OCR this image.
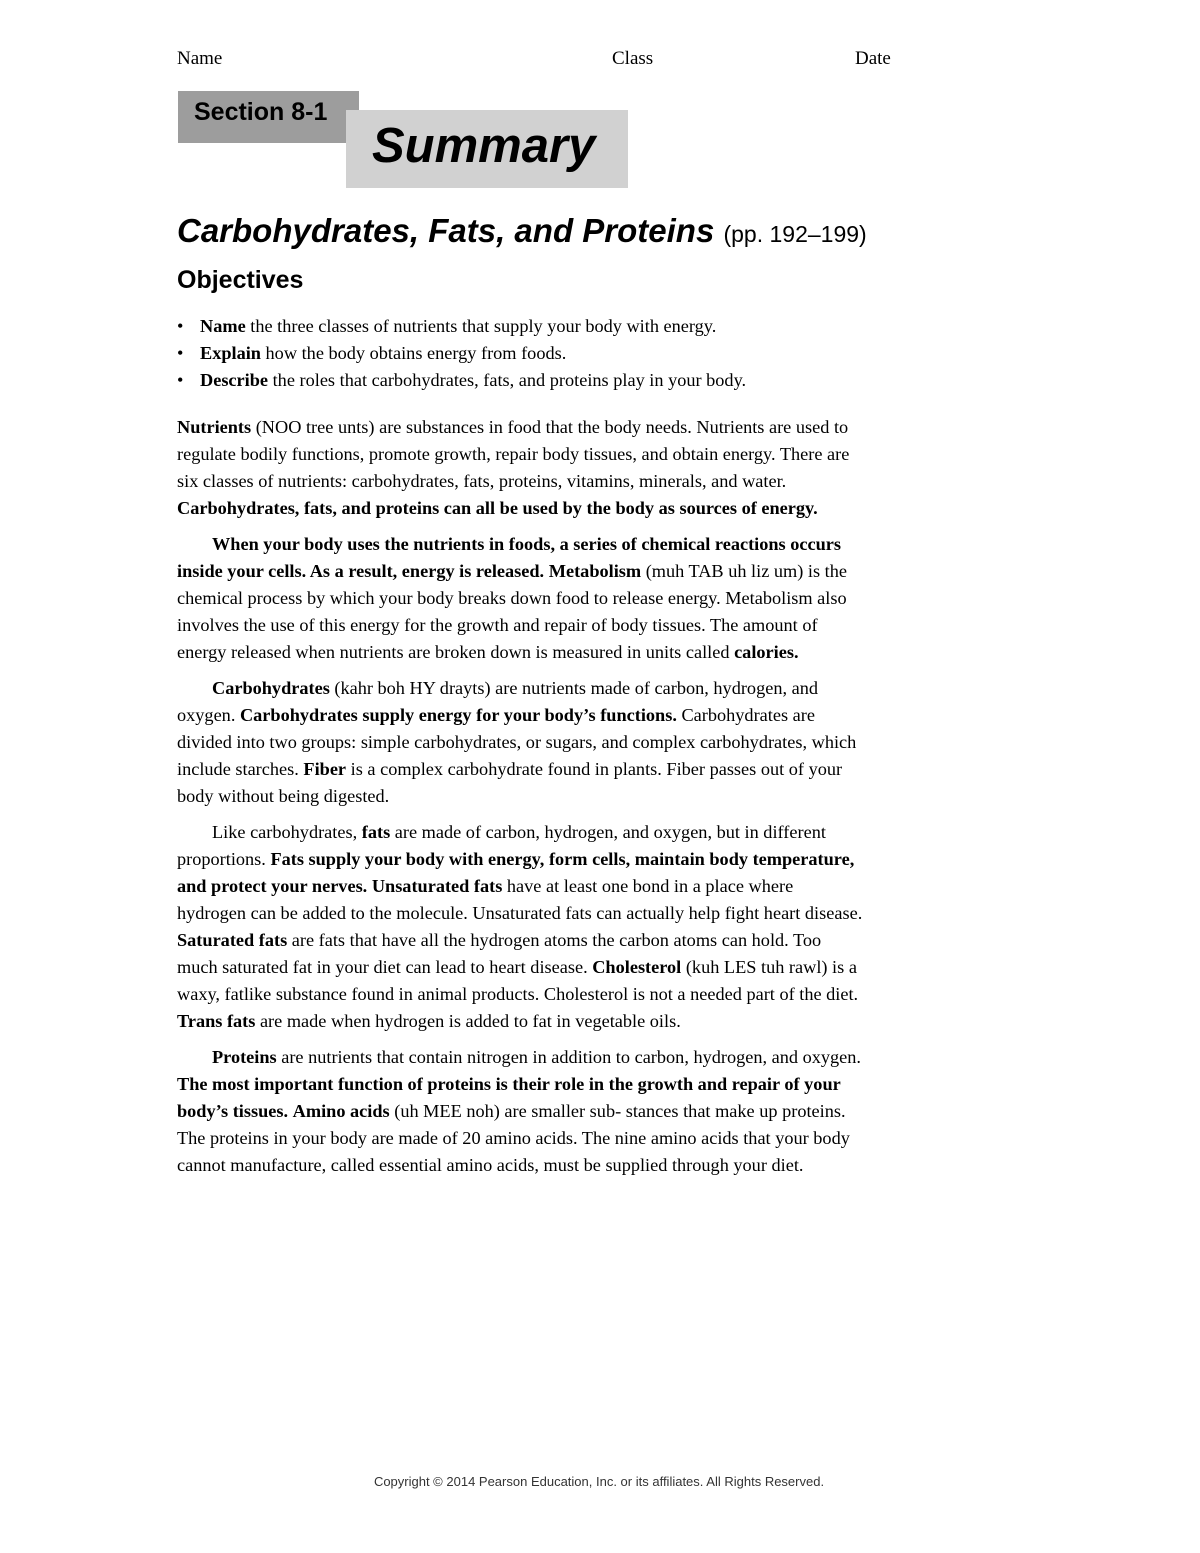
Name	Class	Date
Section 8-1
Summary
Carbohydrates, Fats, and Proteins (pp. 192–199)
Objectives
• Name the three classes of nutrients that supply your body with energy.
• Explain how the body obtains energy from foods.
• Describe the roles that carbohydrates, fats, and proteins play in your body.

Nutrients (NOO tree unts) are substances in food that the body needs. Nutrients are used to
regulate bodily functions, promote growth, repair body tissues, and obtain energy. There are
six classes of nutrients: carbohydrates, fats, proteins, vitamins, minerals, and water.
Carbohydrates, fats, and proteins can all be used by the body as sources of energy.

When your body uses the nutrients in foods, a series of chemical reactions occurs
inside your cells. As a result, energy is released. Metabolism (muh TAB uh liz um) is the
chemical process by which your body breaks down food to release energy. Metabolism also
involves the use of this energy for the growth and repair of body tissues. The amount of
energy released when nutrients are broken down is measured in units called calories.

Carbohydrates (kahr boh HY drayts) are nutrients made of carbon, hydrogen, and
oxygen. Carbohydrates supply energy for your body’s functions. Carbohydrates are
divided into two groups: simple carbohydrates, or sugars, and complex carbohydrates, which
include starches. Fiber is a complex carbohydrate found in plants. Fiber passes out of your
body without being digested.

Like carbohydrates, fats are made of carbon, hydrogen, and oxygen, but in different
proportions. Fats supply your body with energy, form cells, maintain body temperature,
and protect your nerves. Unsaturated fats have at least one bond in a place where
hydrogen can be added to the molecule. Unsaturated fats can actually help fight heart disease.
Saturated fats are fats that have all the hydrogen atoms the carbon atoms can hold. Too
much saturated fat in your diet can lead to heart disease. Cholesterol (kuh LES tuh rawl) is a
waxy, fatlike substance found in animal products. Cholesterol is not a needed part of the diet.
Trans fats are made when hydrogen is added to fat in vegetable oils.

Proteins are nutrients that contain nitrogen in addition to carbon, hydrogen, and oxygen.
The most important function of proteins is their role in the growth and repair of your
body’s tissues. Amino acids (uh MEE noh) are smaller sub- stances that make up proteins.
The proteins in your body are made of 20 amino acids. The nine amino acids that your body
cannot manufacture, called essential amino acids, must be supplied through your diet.

Copyright © 2014 Pearson Education, Inc. or its affiliates. All Rights Reserved.
